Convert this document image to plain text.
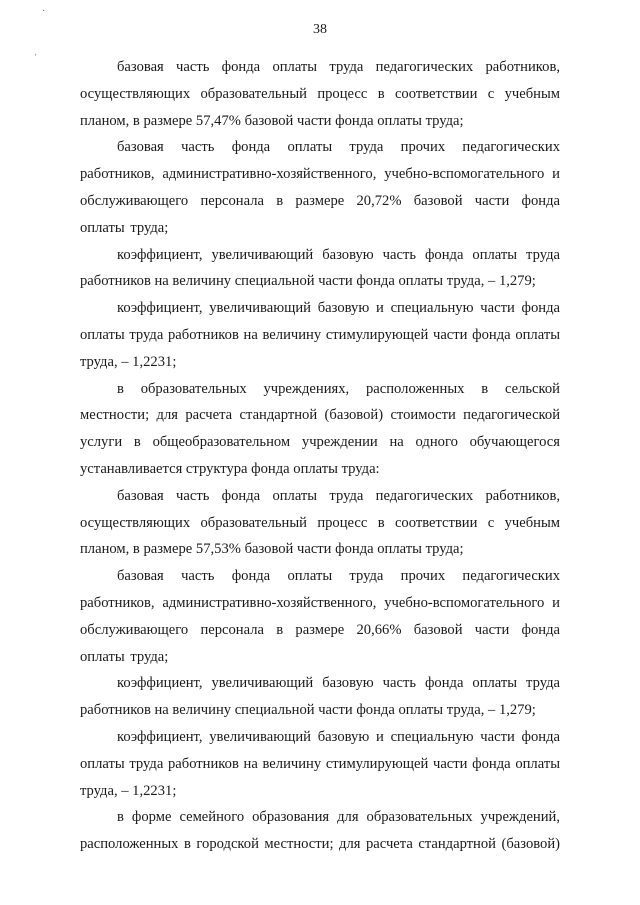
˙
ˌ
38

базовая часть фонда оплаты труда педагогических работников, осуществляющих образовательный процесс в соответствии с учебным планом, в размере 57,47% базовой части фонда оплаты труда;

базовая часть фонда оплаты труда прочих педагогических работников, административно-хозяйственного, учебно-вспомогательного и обслуживающего персонала в размере 20,72% базовой части фонда оплаты труда;

коэффициент, увеличивающий базовую часть фонда оплаты труда работников на величину специальной части фонда оплаты труда, – 1,279;

коэффициент, увеличивающий базовую и специальную части фонда оплаты труда работников на величину стимулирующей части фонда оплаты труда, – 1,2231;

в образовательных учреждениях, расположенных в сельской местности; для расчета стандартной (базовой) стоимости педагогической услуги в общеобразовательном учреждении на одного обучающегося устанавливается структура фонда оплаты труда:

базовая часть фонда оплаты труда педагогических работников, осуществляющих образовательный процесс в соответствии с учебным планом, в размере 57,53% базовой части фонда оплаты труда;

базовая часть фонда оплаты труда прочих педагогических работников, административно-хозяйственного, учебно-вспомогательного и обслуживающего персонала в размере 20,66% базовой части фонда оплаты труда;

коэффициент, увеличивающий базовую часть фонда оплаты труда работников на величину специальной части фонда оплаты труда, – 1,279;

коэффициент, увеличивающий базовую и специальную части фонда оплаты труда работников на величину стимулирующей части фонда оплаты труда, – 1,2231;

в форме семейного образования для образовательных учреждений, расположенных в городской местности; для расчета стандартной (базовой)
